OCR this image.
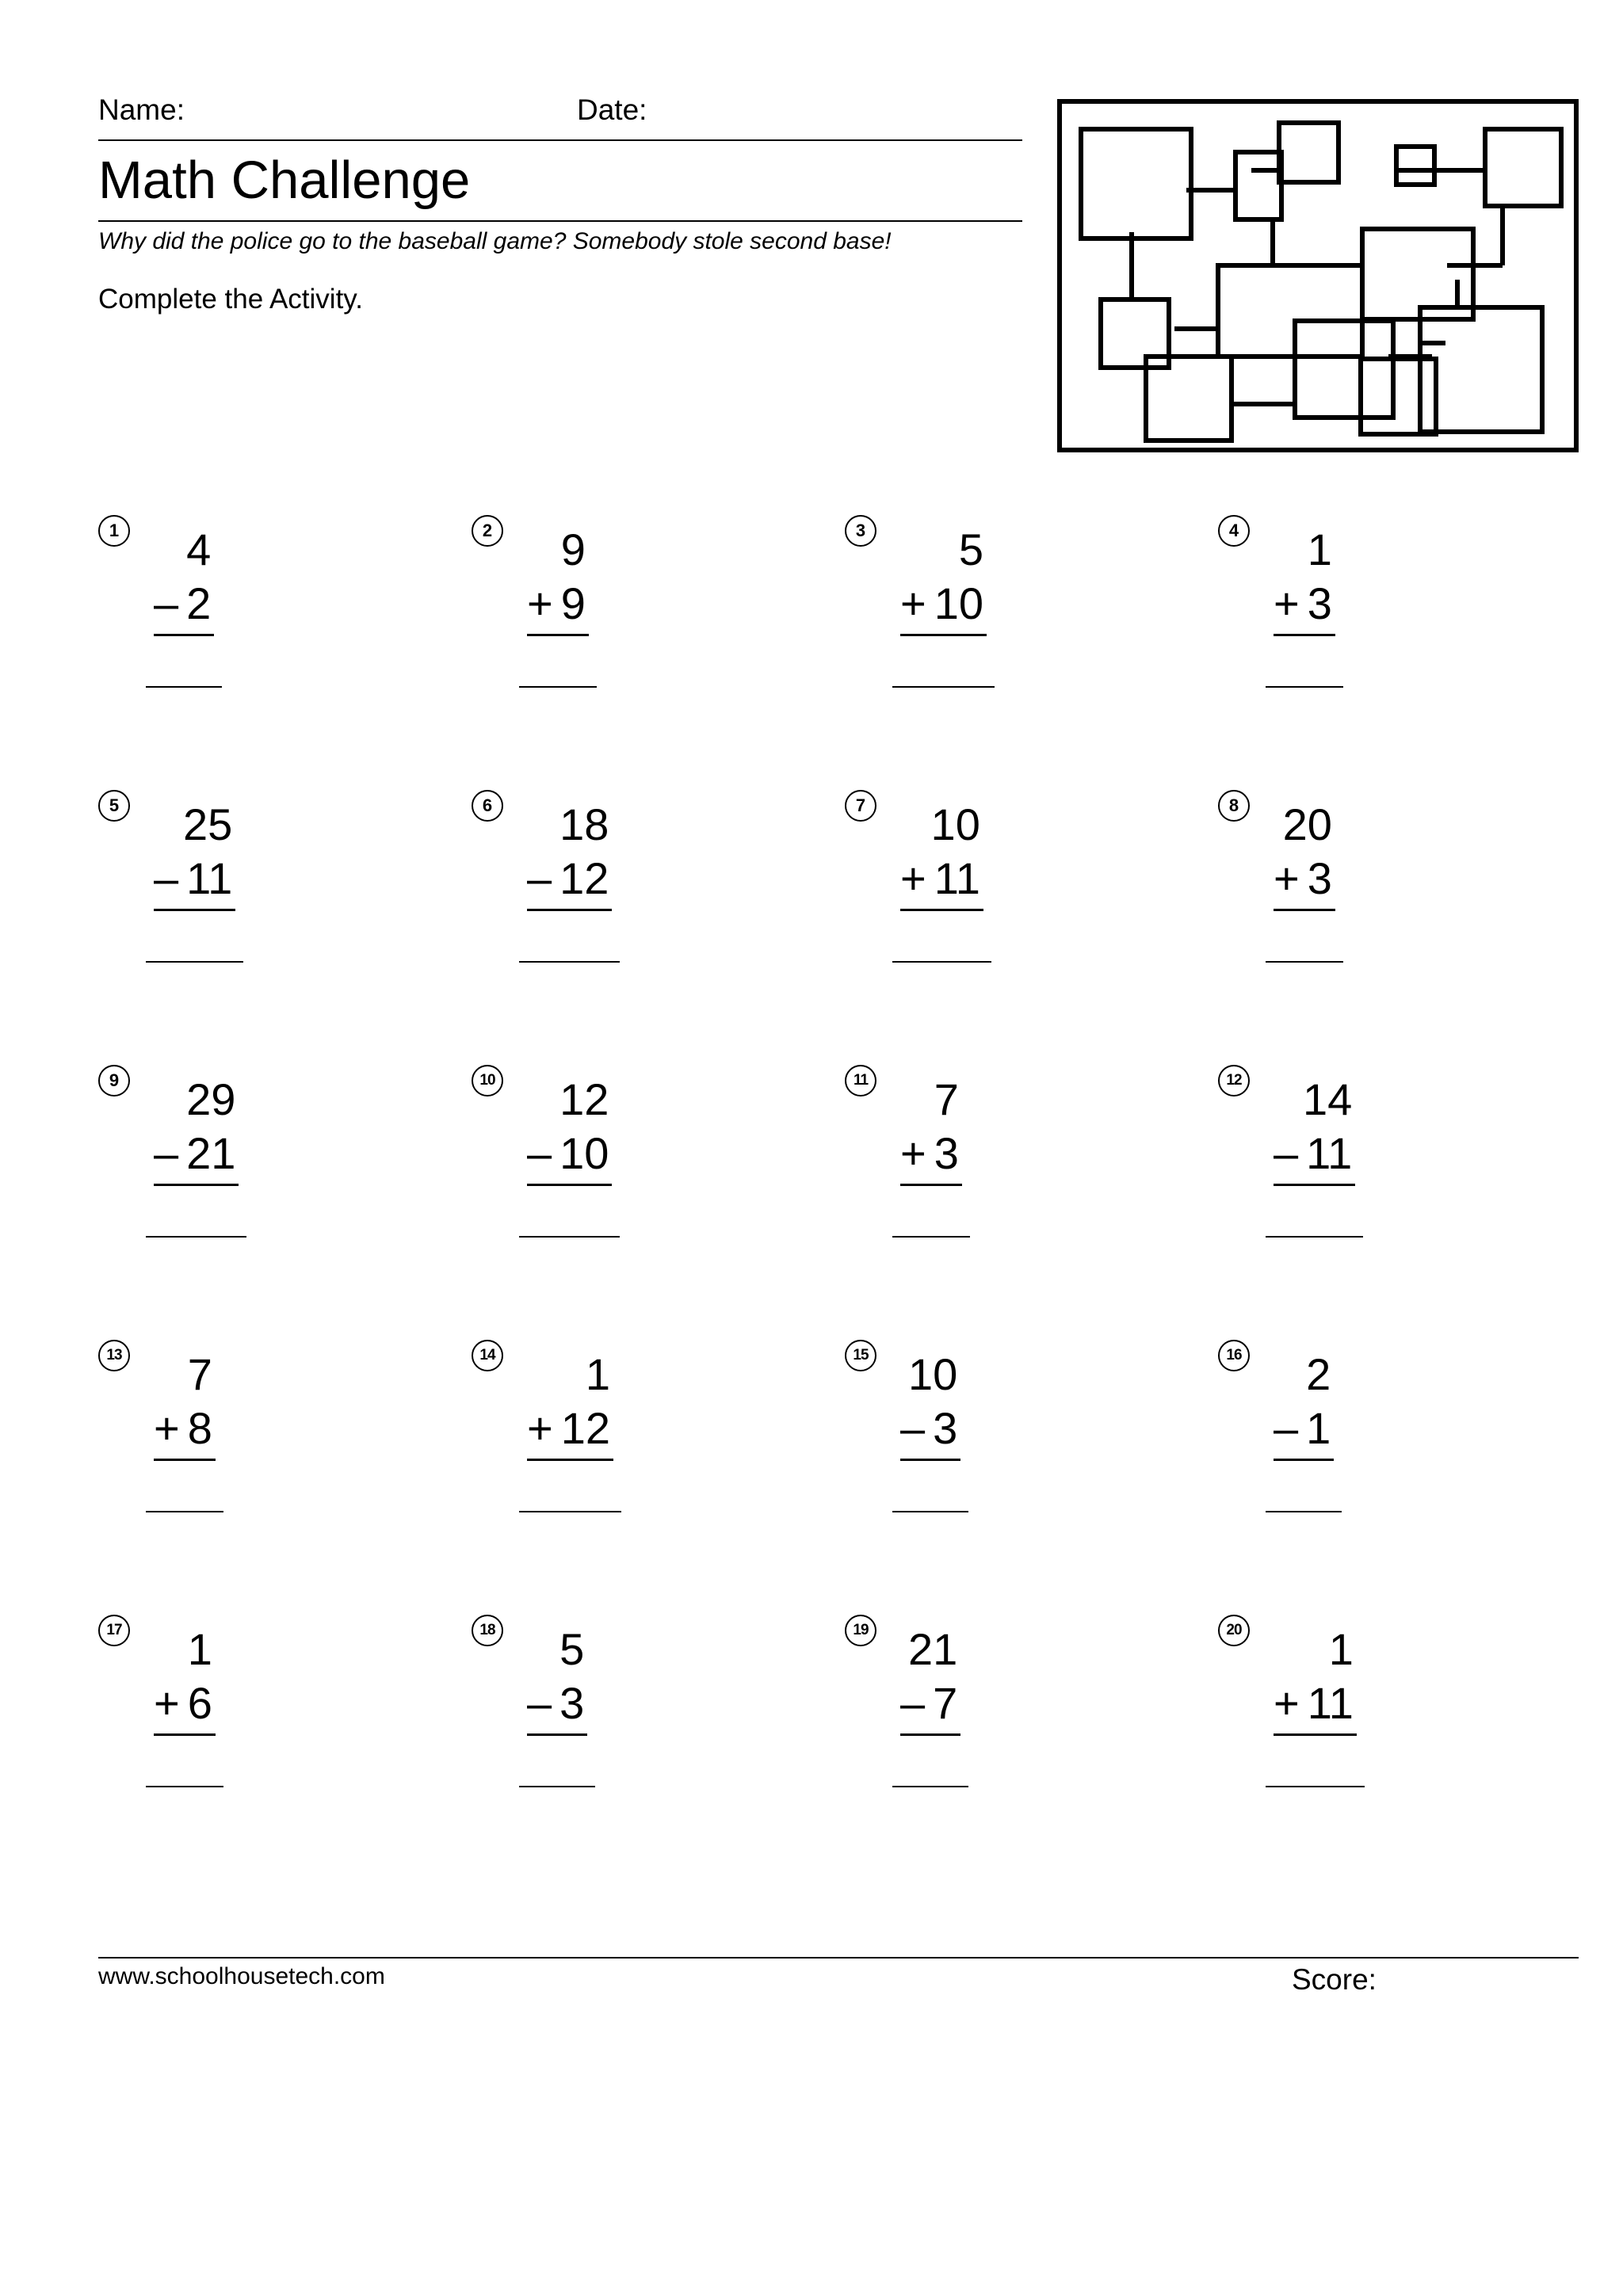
Name:	Date:
Math Challenge
Why did the police go to the baseball game? Somebody stole second base!
Complete the Activity.
1	4
– 2
2	9
+ 9
3	5
+ 10
4	1
+ 3
5	25
– 11
6	18
– 12
7	10
+ 11
8 20
+ 3
9	29
– 21
10	12
– 10
11	7
+ 3
12	14
– 11
13	7
+ 8
14	1
+ 12
15 10
– 3
16	2
– 1
17	1
+ 6
18	5
– 3
19 21
– 7
20	1
+ 11
www.schoolhousetech.com	Score:
